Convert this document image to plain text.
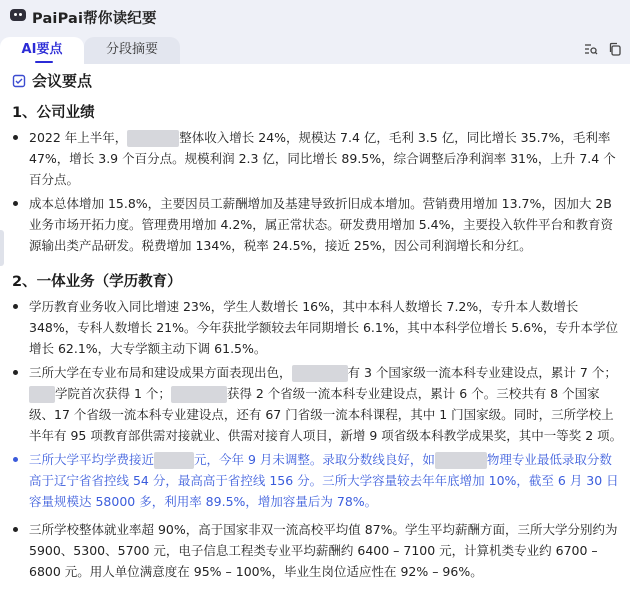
PaiPai帮你读纪要
AI要点	分段摘要
会议要点
1、公司业绩
2022 年上半年，	整体收入增长 24%，规模达 7.4 亿，毛利 3.5 亿，同比增长 35.7%，毛利率 47%，增长 3.9 个百分点。规模利润 2.3 亿，同比增长 89.5%，综合调整后净利润率 31%，上升 7.4 个百分点。
成本总体增加 15.8%，主要因员工薪酬增加及基建导致折旧成本增加。营销费用增加 13.7%，因加大 2B 业务市场开拓力度。管理费用增加 4.2%，属正常状态。研发费用增加 5.4%，主要投入软件平台和教育资源输出类产品研发。税费增加 134%，税率 24.5%，接近 25%，因公司利润增长和分红。
2、一体业务（学历教育）
学历教育业务收入同比增速 23%，学生人数增长 16%，其中本科人数增长 7.2%，专升本人数增长 348%，专科人数增长 21%。今年获批学额较去年同期增长 6.1%，其中本科学位增长 5.6%，专升本学位增长 62.1%，大专学额主动下调 61.5%。
三所大学在专业布局和建设成果方面表现出色，	有 3 个国家级一流本科专业建设点，累计 7 个；学院首次获得 1 个；	获得 2 个省级一流本科专业建设点，累计 6 个。三校共有 8 个国家级、17 个省级一流本科专业建设点，还有 67 门省级一流本科课程，其中 1 门国家级。同时，三所学校上半年有 95 项教育部供需对接就业、供需对接育人项目，新增 9 项省级本科教学成果奖，其中一等奖 2 项。
三所大学平均学费接近	元，今年 9 月未调整。录取分数线良好，如	物理专业最低录取分数高于辽宁省省控线 54 分，最高高于省控线 156 分。三所大学容量较去年年底增加 10%，截至 6 月 30 日容量规模达 58000 多，利用率 89.5%，增加容量后为 78%。
三所学校整体就业率超 90%，高于国家非双一流高校平均值 87%。学生平均薪酬方面，三所大学分别约为 5900、5300、5700 元，电子信息工程类专业平均薪酬约 6400 – 7100 元，计算机类专业约 6700 – 6800 元。用人单位满意度在 95% – 100%，毕业生岗位适应性在 92% – 96%。
